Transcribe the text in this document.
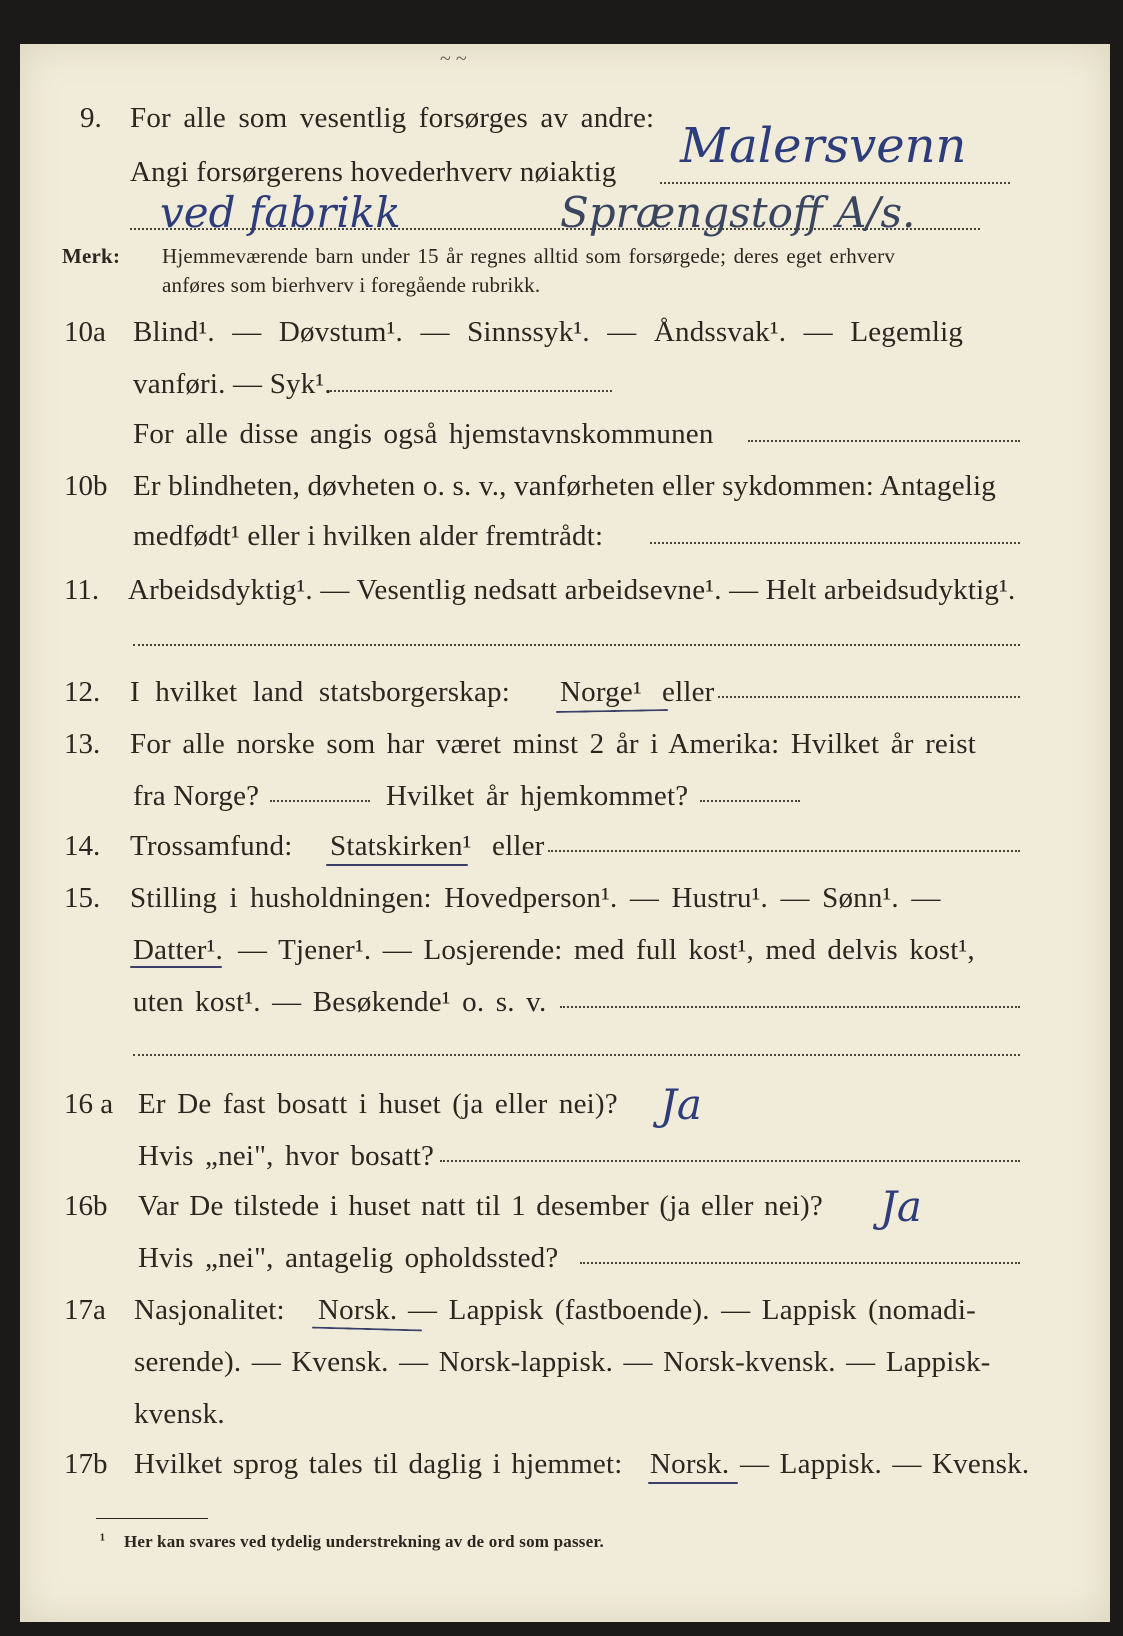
~ ~
9. For alle som vesentlig forsørges av andre: Malersvenn
Angi forsørgerens hovederhverv nøiaktig
ved fabrikk	Sprængstoff A/s.
Merk: Hjemmeværende barn under 15 år regnes alltid som forsørgede; deres eget erhverv
anføres som bierhverv i foregående rubrikk.
10a Blind¹. — Døvstum¹. — Sinnssyk¹. — Åndssvak¹. — Legemlig
vanføri. — Syk¹.
For alle disse angis også hjemstavnskommunen
10b Er blindheten, døvheten o. s. v., vanførheten eller sykdommen: Antagelig
medfødt¹ eller i hvilken alder fremtrådt:
11. Arbeidsdyktig¹. — Vesentlig nedsatt arbeidsevne¹. — Helt arbeidsudyktig¹.
12. I hvilket land statsborgerskap: Norge¹ eller
13. For alle norske som har været minst 2 år i Amerika: Hvilket år reist
fra Norge?	Hvilket år hjemkommet?
14. Trossamfund: Statskirken¹ eller
15. Stilling i husholdningen: Hovedperson¹. — Hustru¹. — Sønn¹. —
Datter¹. — Tjener¹. — Losjerende: med full kost¹, med delvis kost¹,
uten kost¹. — Besøkende¹ o. s. v.
16 a Er De fast bosatt i huset (ja eller nei)? Ja
Hvis „nei", hvor bosatt?
16b Var De tilstede i huset natt til 1 desember (ja eller nei)? Ja
Hvis „nei", antagelig opholdssted?
17a Nasjonalitet: Norsk. — Lappisk (fastboende). — Lappisk (nomadi-
serende). — Kvensk. — Norsk-lappisk. — Norsk-kvensk. — Lappisk-
kvensk.
17b Hvilket sprog tales til daglig i hjemmet: Norsk. — Lappisk. — Kvensk.
¹ Her kan svares ved tydelig understrekning av de ord som passer.
